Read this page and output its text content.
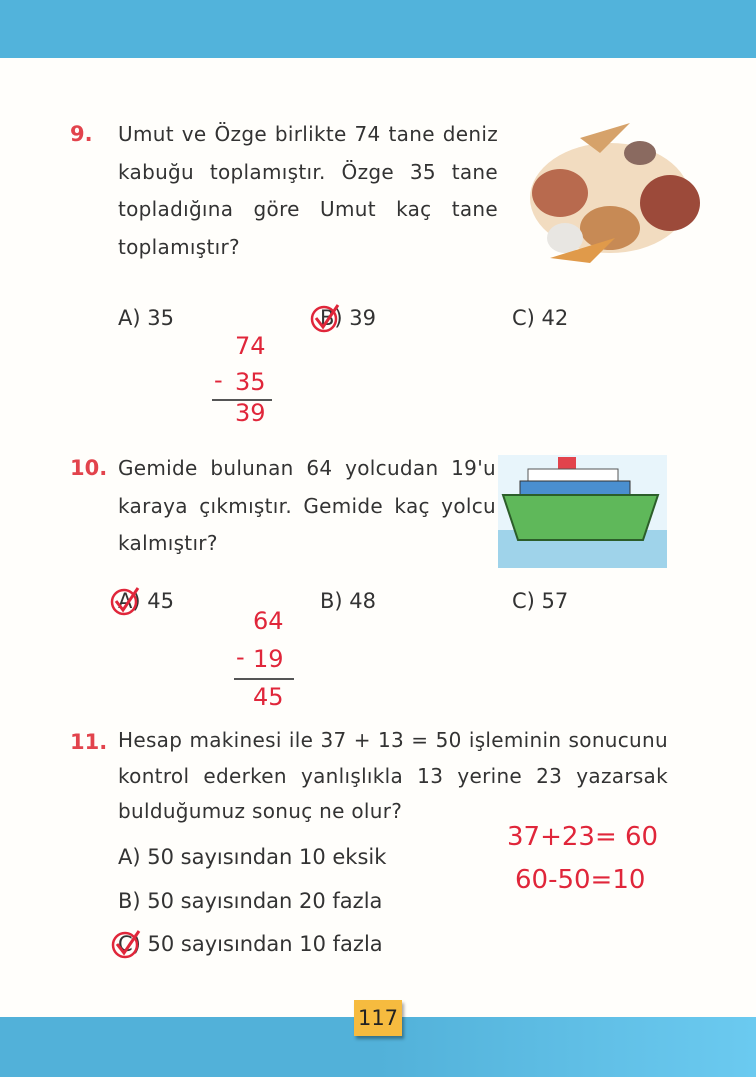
9. Umut ve Özge birlikte 74 tane deniz kabuğu toplamıştır. Özge 35 tane topladığına göre Umut kaç tane toplamıştır?
A) 35	B) 39	C) 42
74
- 35
39
10. Gemide bulunan 64 yolcudan 19'u karaya çıkmıştır. Gemide kaç yolcu kalmıştır?
A) 45	B) 48	C) 57
64
- 19
45
11. Hesap makinesi ile 37 + 13 = 50 işleminin sonucunu kontrol ederken yanlışlıkla 13 yerine 23 yazarsak bulduğumuz sonuç ne olur?
A) 50 sayısından 10 eksik
B) 50 sayısından 20 fazla
C) 50 sayısından 10 fazla
37+23= 60
60-50=10
117
